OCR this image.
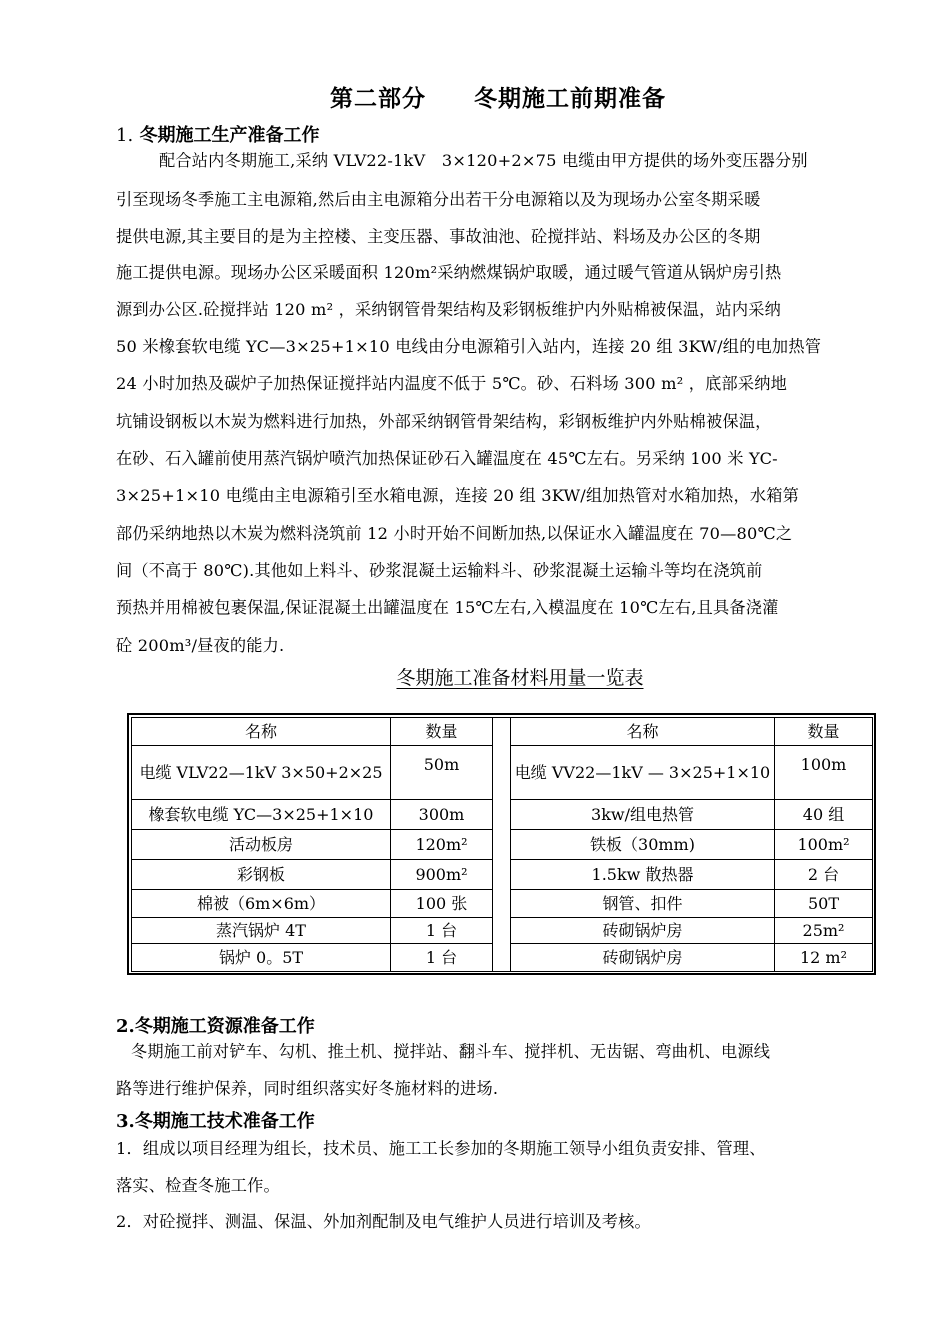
第二部分　　冬期施工前期准备
1. 冬期施工生产准备工作
配合站内冬期施工,采纳 VLV22-1kV　3×120+2×75 电缆由甲方提供的场外变压器分别
引至现场冬季施工主电源箱,然后由主电源箱分出若干分电源箱以及为现场办公室冬期采暖
提供电源,其主要目的是为主控楼、主变压器、事故油池、砼搅拌站、料场及办公区的冬期
施工提供电源。现场办公区采暖面积 120m²采纳燃煤锅炉取暖，通过暖气管道从锅炉房引热
源到办公区.砼搅拌站 120 m² ，采纳钢管骨架结构及彩钢板维护内外贴棉被保温，站内采纳
50 米橡套软电缆 YC—3×25+1×10 电线由分电源箱引入站内，连接 20 组 3KW/组的电加热管
24 小时加热及碳炉子加热保证搅拌站内温度不低于 5℃。砂、石料场 300 m² ，底部采纳地
坑铺设钢板以木炭为燃料进行加热，外部采纳钢管骨架结构，彩钢板维护内外贴棉被保温，
在砂、石入罐前使用蒸汽锅炉喷汽加热保证砂石入罐温度在 45℃左右。另采纳 100 米 YC-
3×25+1×10 电缆由主电源箱引至水箱电源，连接 20 组 3KW/组加热管对水箱加热，水箱第
部仍采纳地热以木炭为燃料浇筑前 12 小时开始不间断加热,以保证水入罐温度在 70—80℃之
间（不高于 80℃).其他如上料斗、砂浆混凝土运输料斗、砂浆混凝土运输斗等均在浇筑前
预热并用棉被包裹保温,保证混凝土出罐温度在 15℃左右,入模温度在 10℃左右,且具备浇灌
砼 200m³/昼夜的能力.
冬期施工准备材料用量一览表
名称	数量		名称	数量
电缆 VLV22—1kV 3×50+2×25	50m		电缆 VV22—1kV — 3×25+1×10	100m
橡套软电缆 YC—3×25+1×10	300m		3kw/组电热管	40 组
活动板房	120m²		铁板（30mm)	100m²
彩钢板	900m²		1.5kw 散热器	2 台
棉被（6m×6m）	100 张		钢管、扣件	50T
蒸汽锅炉 4T	1 台		砖砌锅炉房	25m²
锅炉 0。5T	1 台		砖砌锅炉房	12 m²
2.冬期施工资源准备工作
冬期施工前对铲车、勾机、推土机、搅拌站、翻斗车、搅拌机、无齿锯、弯曲机、电源线
路等进行维护保养，同时组织落实好冬施材料的进场.
3.冬期施工技术准备工作
1．组成以项目经理为组长，技术员、施工工长参加的冬期施工领导小组负责安排、管理、
落实、检查冬施工作。
2．对砼搅拌、测温、保温、外加剂配制及电气维护人员进行培训及考核。
